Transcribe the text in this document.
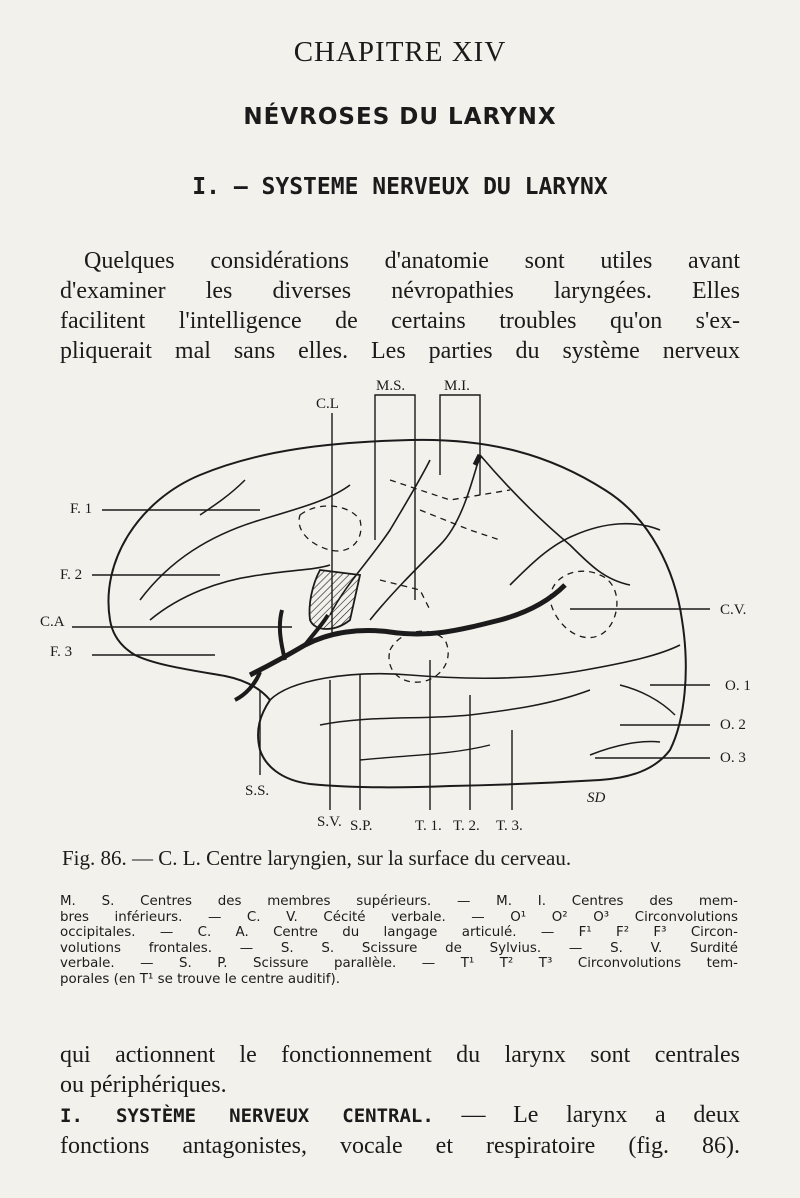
CHAPITRE XIV
NÉVROSES DU LARYNX
I. — SYSTEME NERVEUX DU LARYNX
Quelques considérations d'anatomie sont utiles avant
d'examiner les diverses névropathies laryngées. Elles
facilitent l'intelligence de certains troubles qu'on s'ex-
pliquerait mal sans elles. Les parties du système nerveux
M.S.	M.I.
C.L
F. 1
F. 2
C.A
F. 3
C.V.
O. 1
O. 2
O. 3
S.S.
S.V. S.P.	T. 1. T. 2. T. 3.
SD
Fig. 86. — C. L. Centre laryngien, sur la surface du cerveau.
M. S. Centres des membres supérieurs. — M. I. Centres des mem-
bres inférieurs. — C. V. Cécité verbale. — O¹ O² O³ Circonvolutions
occipitales. — C. A. Centre du langage articulé. — F¹ F² F³ Circon-
volutions frontales. — S. S. Scissure de Sylvius. — S. V. Surdité
verbale. — S. P. Scissure parallèle. — T¹ T² T³ Circonvolutions tem-
porales (en T¹ se trouve le centre auditif).
qui actionnent le fonctionnement du larynx sont centrales
ou périphériques.
I. SYSTÈME NERVEUX CENTRAL. — Le larynx a deux
fonctions antagonistes, vocale et respiratoire (fig. 86).
